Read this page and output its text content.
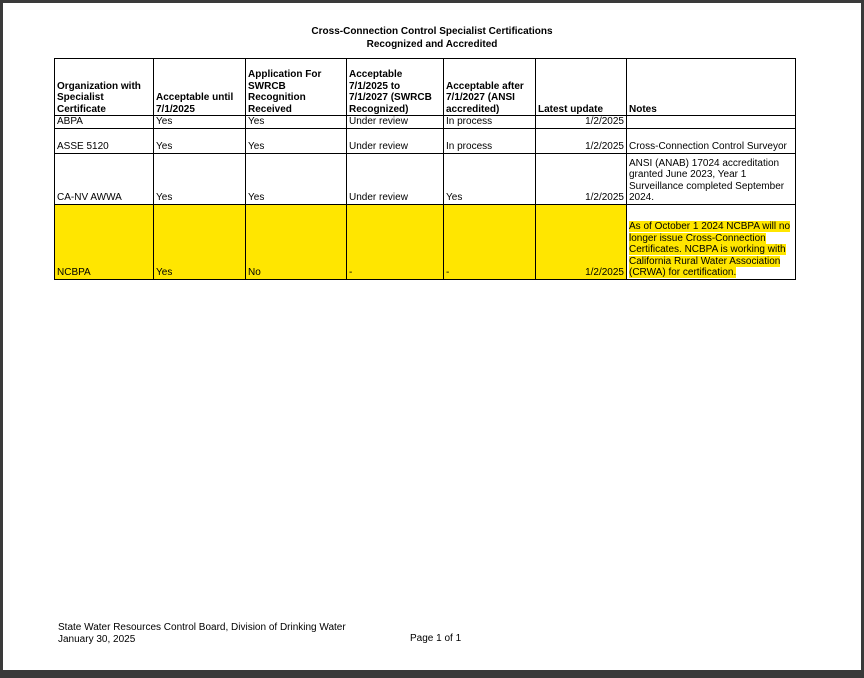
Cross-Connection Control Specialist Certifications
Recognized and Accredited
Organization with Specialist Certificate	Acceptable until 7/1/2025	Application For SWRCB Recognition Received	Acceptable 7/1/2025 to 7/1/2027 (SWRCB Recognized)	Acceptable after 7/1/2027 (ANSI accredited)	Latest update	Notes
ABPA	Yes	Yes	Under review	In process	1/2/2025	
ASSE 5120	Yes	Yes	Under review	In process	1/2/2025	Cross-Connection Control Surveyor
CA-NV AWWA	Yes	Yes	Under review	Yes	1/2/2025	ANSI (ANAB) 17024 accreditation granted June 2023, Year 1 Surveillance completed September 2024.
NCBPA	Yes	No	-	-	1/2/2025	As of October 1 2024 NCBPA will no longer issue Cross-Connection Certificates. NCBPA is working with California Rural Water Association (CRWA) for certification.
State Water Resources Control Board, Division of Drinking Water
January 30, 2025	Page 1 of 1
